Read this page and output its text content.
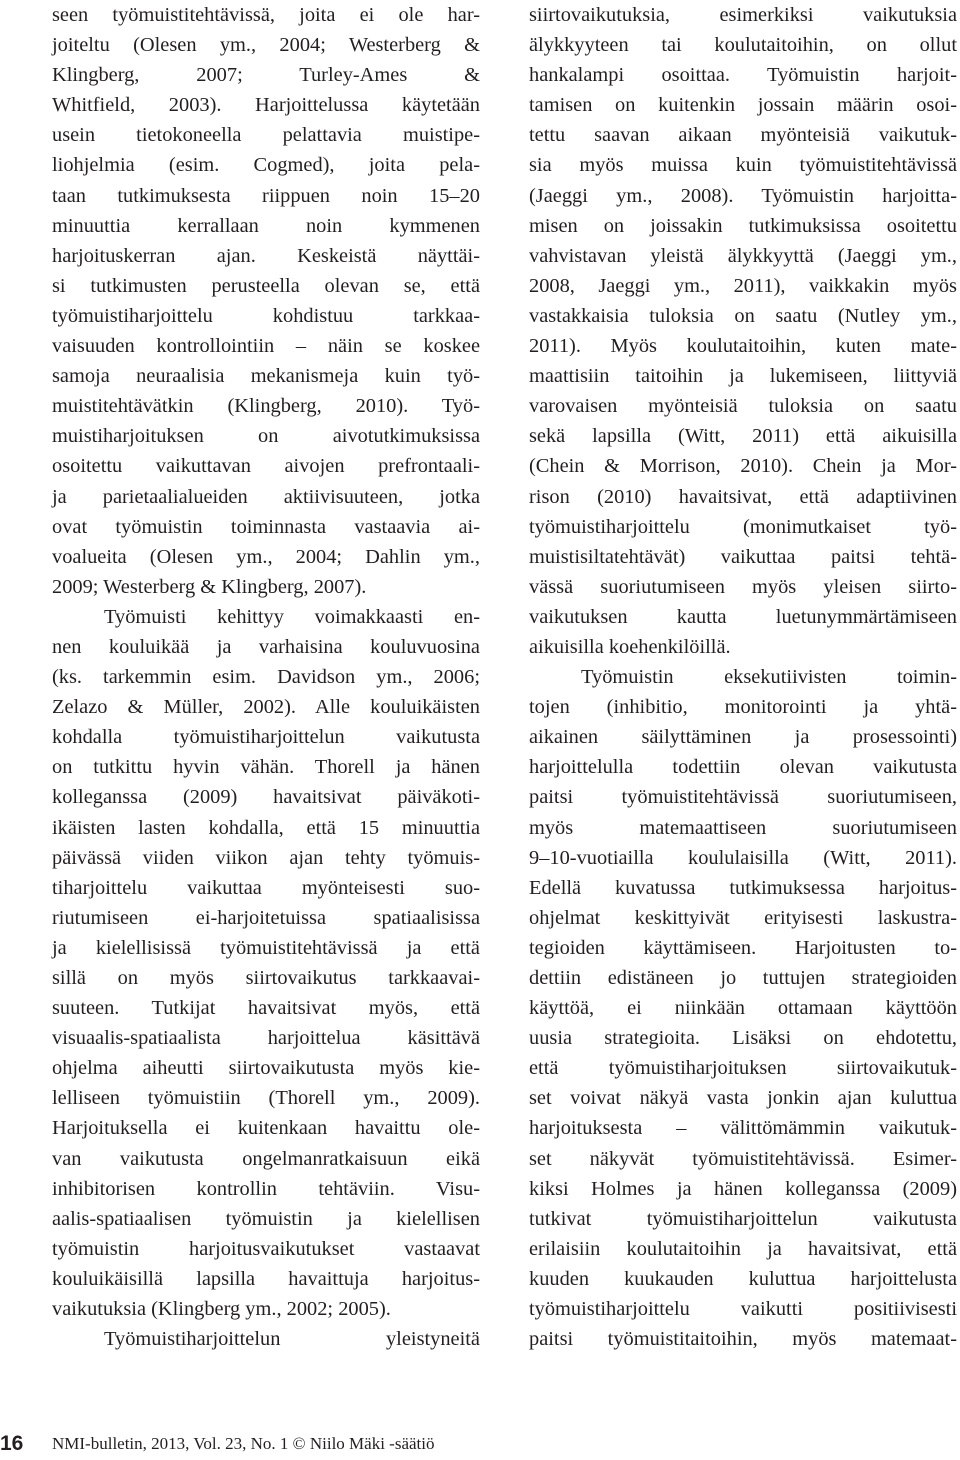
seen työmuistitehtävissä, joita ei ole har-
joiteltu (Olesen ym., 2004; Westerberg &
Klingberg, 2007; Turley-Ames &
Whitfield, 2003). Harjoittelussa käytetään
usein tietokoneella pelattavia muistipe-
liohjelmia (esim. Cogmed), joita pela-
taan tutkimuksesta riippuen noin 15–20
minuuttia kerrallaan noin kymmenen
harjoituskerran ajan. Keskeistä näyttäi-
si tutkimusten perusteella olevan se, että
työmuistiharjoittelu kohdistuu tarkkaa-
vaisuuden kontrollointiin – näin se koskee
samoja neuraalisia mekanismeja kuin työ-
muistitehtävätkin (Klingberg, 2010). Työ-
muistiharjoituksen on aivotutkimuksissa
osoitettu vaikuttavan aivojen prefrontaali-
ja parietaalialueiden aktiivisuuteen, jotka
ovat työmuistin toiminnasta vastaavia ai-
voalueita (Olesen ym., 2004; Dahlin ym.,
2009; Westerberg & Klingberg, 2007).
Työmuisti kehittyy voimakkaasti en-
nen kouluikää ja varhaisina kouluvuosina
(ks. tarkemmin esim. Davidson ym., 2006;
Zelazo & Müller, 2002). Alle kouluikäisten
kohdalla työmuistiharjoittelun vaikutusta
on tutkittu hyvin vähän. Thorell ja hänen
kolleganssa (2009) havaitsivat päiväkoti-
ikäisten lasten kohdalla, että 15 minuuttia
päivässä viiden viikon ajan tehty työmuis-
tiharjoittelu vaikuttaa myönteisesti suo-
riutumiseen ei-harjoitetuissa spatiaalisissa
ja kielellisissä työmuistitehtävissä ja että
sillä on myös siirtovaikutus tarkkaavai-
suuteen. Tutkijat havaitsivat myös, että
visuaalis-spatiaalista harjoittelua käsittävä
ohjelma aiheutti siirtovaikutusta myös kie-
lelliseen työmuistiin (Thorell ym., 2009).
Harjoituksella ei kuitenkaan havaittu ole-
van vaikutusta ongelmanratkaisuun eikä
inhibitorisen kontrollin tehtäviin. Visu-
aalis-spatiaalisen työmuistin ja kielellisen
työmuistin harjoitusvaikutukset vastaavat
kouluikäisillä lapsilla havaittuja harjoitus-
vaikutuksia (Klingberg ym., 2002; 2005).
Työmuistiharjoittelun yleistyneitä
siirtovaikutuksia, esimerkiksi vaikutuksia
älykkyyteen tai koulutaitoihin, on ollut
hankalampi osoittaa. Työmuistin harjoit-
tamisen on kuitenkin jossain määrin osoi-
tettu saavan aikaan myönteisiä vaikutuk-
sia myös muissa kuin työmuistitehtävissä
(Jaeggi ym., 2008). Työmuistin harjoitta-
misen on joissakin tutkimuksissa osoitettu
vahvistavan yleistä älykkyyttä (Jaeggi ym.,
2008, Jaeggi ym., 2011), vaikkakin myös
vastakkaisia tuloksia on saatu (Nutley ym.,
2011). Myös koulutaitoihin, kuten mate-
maattisiin taitoihin ja lukemiseen, liittyviä
varovaisen myönteisiä tuloksia on saatu
sekä lapsilla (Witt, 2011) että aikuisilla
(Chein & Morrison, 2010). Chein ja Mor-
rison (2010) havaitsivat, että adaptiivinen
työmuistiharjoittelu (monimutkaiset työ-
muistisiltatehtävät) vaikuttaa paitsi tehtä-
vässä suoriutumiseen myös yleisen siirto-
vaikutuksen kautta luetunymmärtämiseen
aikuisilla koehenkilöillä.
Työmuistin eksekutiivisten toimin-
tojen (inhibitio, monitorointi ja yhtä-
aikainen säilyttäminen ja prosessointi)
harjoittelulla todettiin olevan vaikutusta
paitsi työmuistitehtävissä suoriutumiseen,
myös matemaattiseen suoriutumiseen
9–10-vuotiailla koululaisilla (Witt, 2011).
Edellä kuvatussa tutkimuksessa harjoitus-
ohjelmat keskittyivät erityisesti laskustra-
tegioiden käyttämiseen. Harjoitusten to-
dettiin edistäneen jo tuttujen strategioiden
käyttöä, ei niinkään ottamaan käyttöön
uusia strategioita. Lisäksi on ehdotettu,
että työmuistiharjoituksen siirtovaikutuk-
set voivat näkyä vasta jonkin ajan kuluttua
harjoituksesta – välittömämmin vaikutuk-
set näkyvät työmuistitehtävissä. Esimer-
kiksi Holmes ja hänen kolleganssa (2009)
tutkivat työmuistiharjoittelun vaikutusta
erilaisiin koulutaitoihin ja havaitsivat, että
kuuden kuukauden kuluttua harjoittelusta
työmuistiharjoittelu vaikutti positiivisesti
paitsi työmuistitaitoihin, myös matemaat-
16 NMI-bulletin, 2013, Vol. 23, No. 1 © Niilo Mäki -säätiö
